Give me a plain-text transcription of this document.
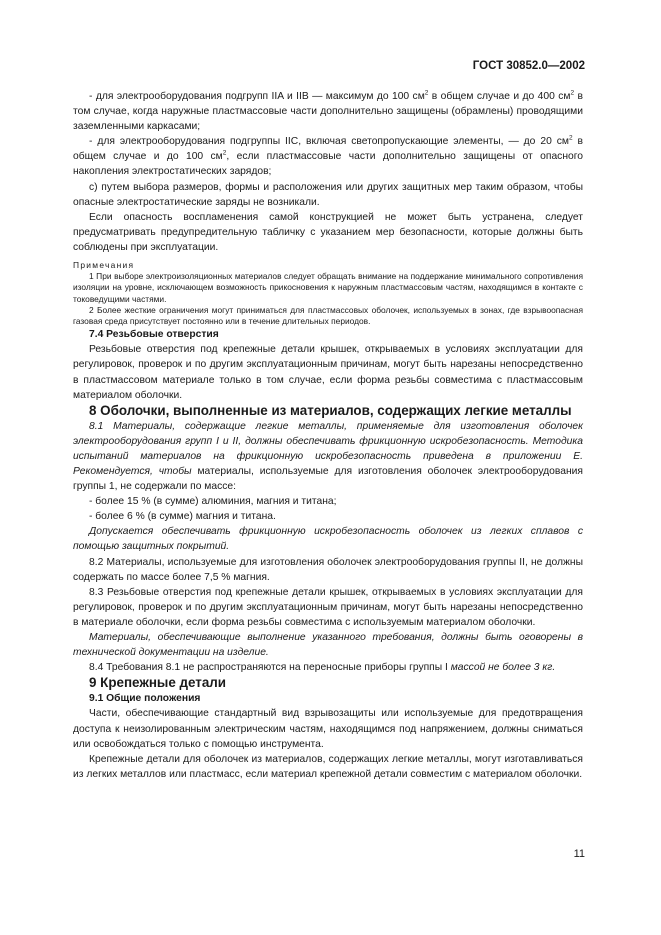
ГОСТ 30852.0—2002

- для электрооборудования подгрупп IIA и IIB — максимум до 100 $см^2$ в общем случае и до 400 $см^2$ в том случае, когда наружные пластмассовые части дополнительно защищены (обрамлены) проводящими заземленными каркасами;

- для электрооборудования подгруппы IIC, включая светопропускающие элементы, — до 20 $см^2$ в общем случае и до 100 $см^2$, если пластмассовые части дополнительно защищены от опасного накопления электростатических зарядов;

с) путем выбора размеров, формы и расположения или других защитных мер таким образом, чтобы опасные электростатические заряды не возникали.

Если опасность воспламенения самой конструкцией не может быть устранена, следует предусматривать предупредительную табличку с указанием мер безопасности, которые должны быть соблюдены при эксплуатации.

Примечания

1 При выборе электроизоляционных материалов следует обращать внимание на поддержание минимального сопротивления изоляции на уровне, исключающем возможность прикосновения к наружным пластмассовым частям, находящимся в контакте с токоведущими частями.

2 Более жесткие ограничения могут приниматься для пластмассовых оболочек, используемых в зонах, где взрывоопасная газовая среда присутствует постоянно или в течение длительных периодов.

7.4 Резьбовые отверстия

Резьбовые отверстия под крепежные детали крышек, открываемых в условиях эксплуатации для регулировок, проверок и по другим эксплуатационным причинам, могут быть нарезаны непосредственно в пластмассовом материале только в том случае, если форма резьбы совместима с пластмассовым материалом оболочки.

8 Оболочки, выполненные из материалов, содержащих легкие металлы

8.1 Материалы, содержащие легкие металлы, применяемые для изготовления оболочек электрооборудования групп I и II, должны обеспечивать фрикционную искробезопасность. Методика испытаний материалов на фрикционную искробезопасность приведена в приложении Е. Рекомендуется, чтобы материалы, используемые для изготовления оболочек электрооборудования группы 1, не содержали по массе:

- более 15 % (в сумме) алюминия, магния и титана;

- более 6 % (в сумме) магния и титана.

Допускается обеспечивать фрикционную искробезопасность оболочек из легких сплавов с помощью защитных покрытий.

8.2 Материалы, используемые для изготовления оболочек электрооборудования группы II, не должны содержать по массе более 7,5 % магния.

8.3 Резьбовые отверстия под крепежные детали крышек, открываемых в условиях эксплуатации для регулировок, проверок и по другим эксплуатационным причинам, могут быть нарезаны непосредственно в материале оболочки, если форма резьбы совместима с используемым материалом оболочки.

Материалы, обеспечивающие выполнение указанного требования, должны быть оговорены в технической документации на изделие.

8.4 Требования 8.1 не распространяются на переносные приборы группы I массой не более 3 кг.

9 Крепежные детали

9.1 Общие положения

Части, обеспечивающие стандартный вид взрывозащиты или используемые для предотвращения доступа к неизолированным электрическим частям, находящимся под напряжением, должны сниматься или освобождаться только с помощью инструмента.

Крепежные детали для оболочек из материалов, содержащих легкие металлы, могут изготавливаться из легких металлов или пластмасс, если материал крепежной детали совместим с материалом оболочки.

11
